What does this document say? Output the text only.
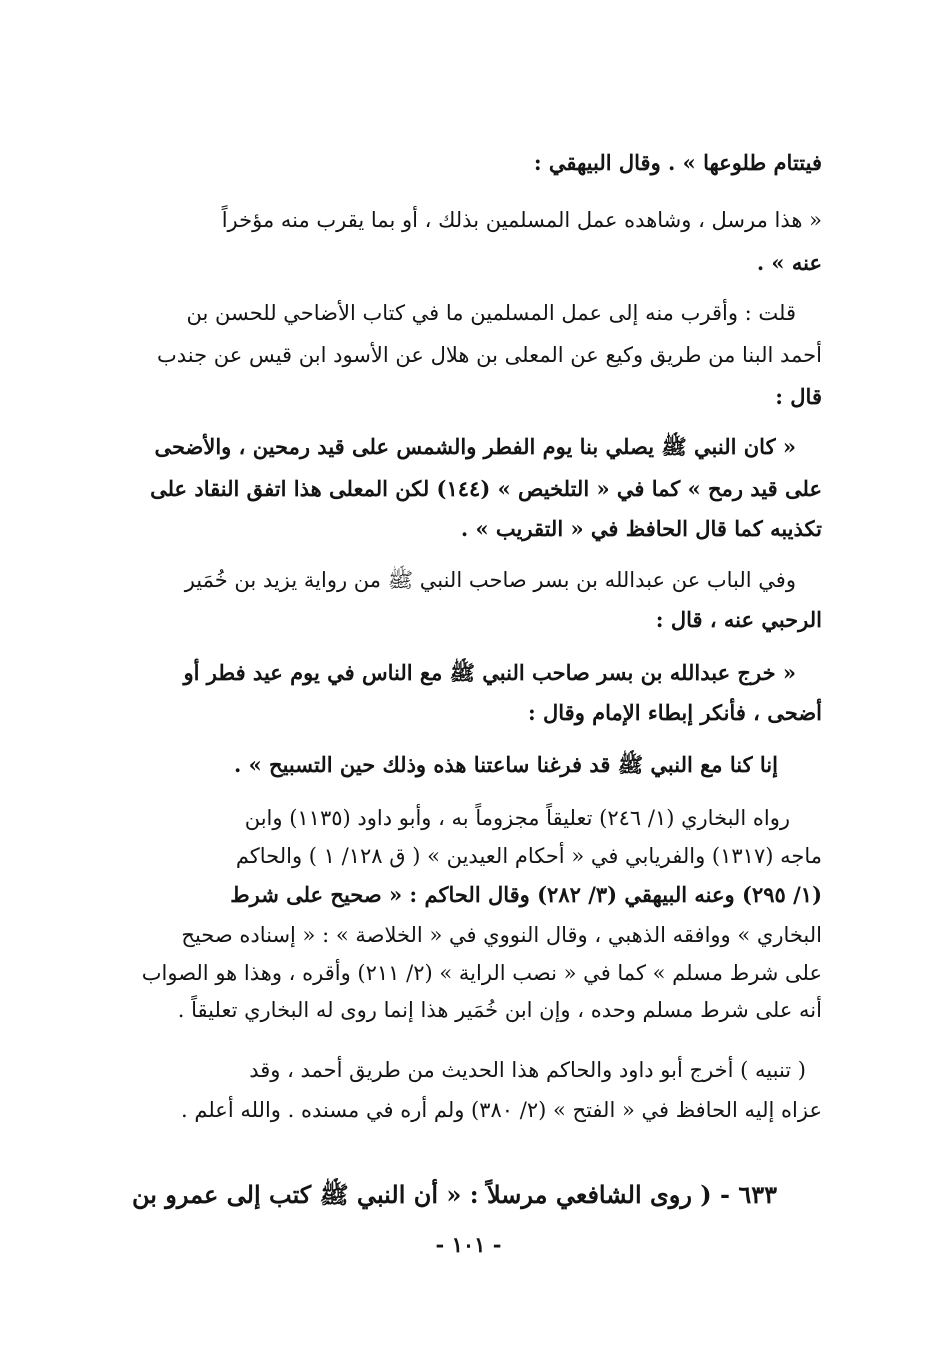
فيتتام طلوعها » . وقال البيهقي :
« هذا مرسل ، وشاهده عمل المسلمين بذلك ، أو بما يقرب منه مؤخراً
عنه » .
قلت : وأقرب منه إلى عمل المسلمين ما في كتاب الأضاحي للحسن بن
أحمد البنا من طريق وكيع عن المعلى بن هلال عن الأسود ابن قيس عن جندب
قال :
« كان النبي ﷺ يصلي بنا يوم الفطر والشمس على قيد رمحين ، والأضحى
على قيد رمح » كما في « التلخيص » (١٤٤) لكن المعلى هذا اتفق النقاد على
تكذيبه كما قال الحافظ في « التقريب » .
وفي الباب عن عبدالله بن بسر صاحب النبي ﷺ من رواية يزيد بن خُمَير
الرحبي عنه ، قال :
« خرج عبدالله بن بسر صاحب النبي ﷺ مع الناس في يوم عيد فطر أو
أضحى ، فأنكر إبطاء الإمام وقال :
إنا كنا مع النبي ﷺ قد فرغنا ساعتنا هذه وذلك حين التسبيح » .
رواه البخاري (١/ ٢٤٦) تعليقاً مجزوماً به ، وأبو داود (١١٣٥) وابن
ماجه (١٣١٧) والفريابي في « أحكام العيدين » ( ق ١٢٨/ ١ ) والحاكم
(١/ ٢٩٥) وعنه البيهقي (٣/ ٢٨٢) وقال الحاكم : « صحيح على شرط
البخاري » ووافقه الذهبي ، وقال النووي في « الخلاصة » : « إسناده صحيح
على شرط مسلم » كما في « نصب الراية » (٢/ ٢١١) وأقره ، وهذا هو الصواب
أنه على شرط مسلم وحده ، وإن ابن خُمَير هذا إنما روى له البخاري تعليقاً .
( تنبيه ) أخرج أبو داود والحاكم هذا الحديث من طريق أحمد ، وقد
عزاه إليه الحافظ في « الفتح » (٢/ ٣٨٠) ولم أره في مسنده . والله أعلم .
٦٣٣ - ( روى الشافعي مرسلاً : « أن النبي ﷺ كتب إلى عمرو بن
- ١٠١ -
